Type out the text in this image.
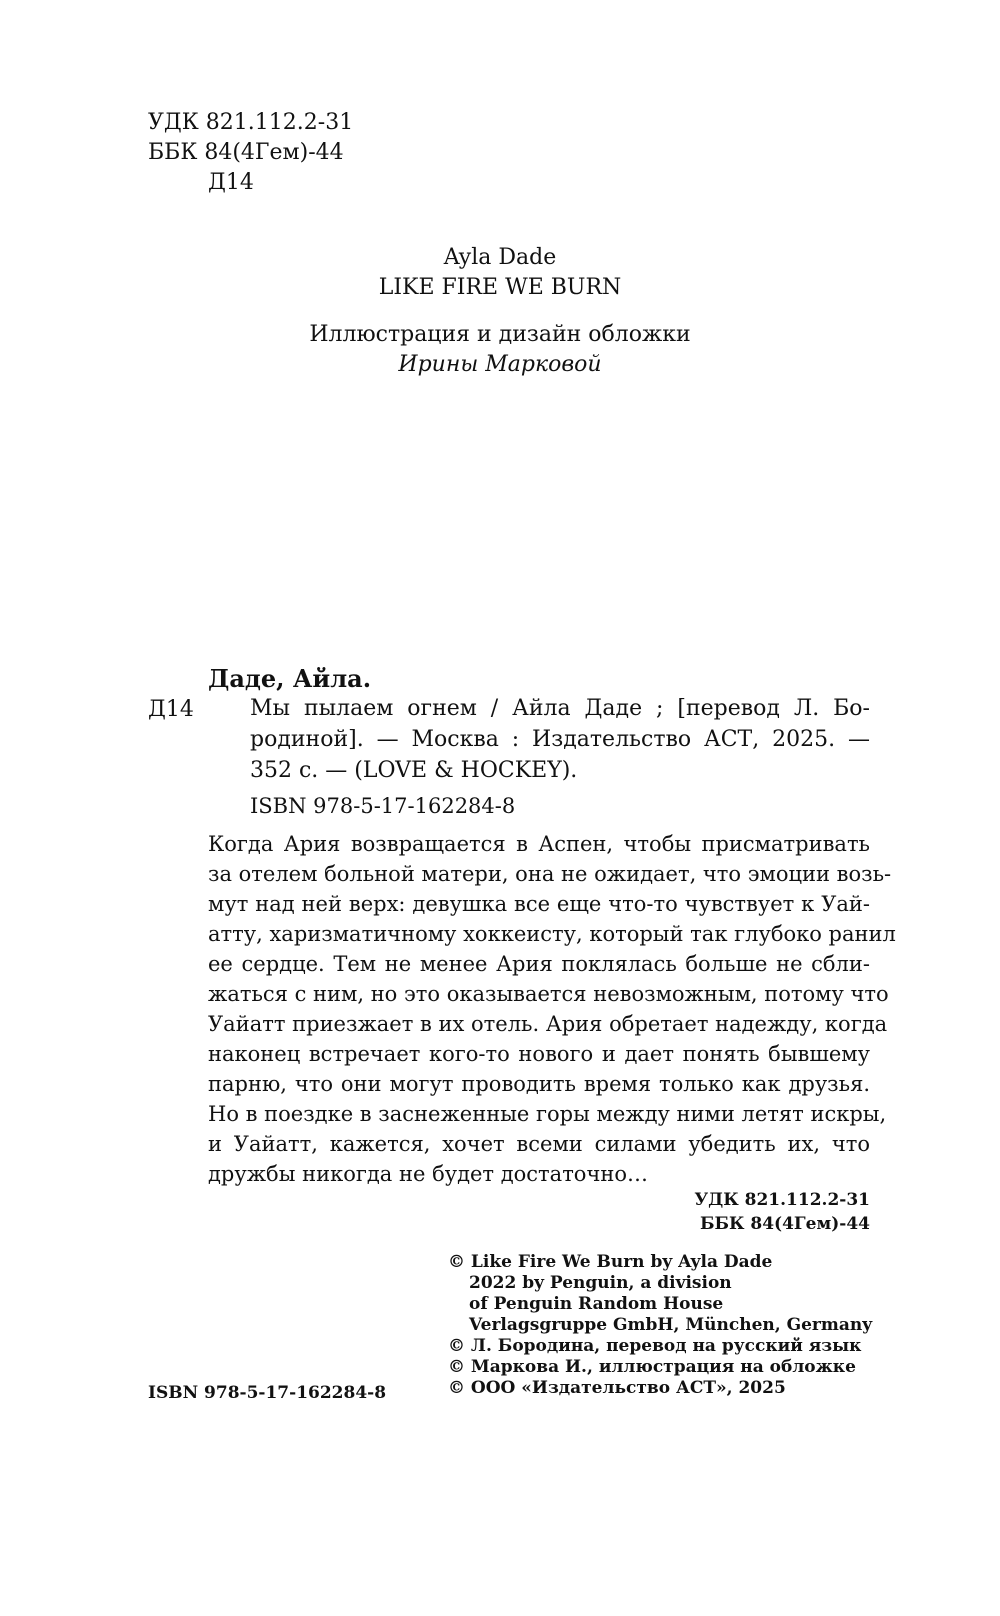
УДК 821.112.2-31
ББК 84(4Гем)-44
Д14
Ayla Dade
LIKE FIRE WE BURN
Иллюстрация и дизайн обложки
Ирины Марковой
Даде, Айла.
Д14	Мы пылаем огнем / Айла Даде ; [перевод Л. Бо-
родиной]. — Москва : Издательство АСТ, 2025. —
352 с. — (LOVE & HOCKEY).
ISBN 978-5-17-162284-8
Когда Ария возвращается в Аспен, чтобы присматривать
за отелем больной матери, она не ожидает, что эмоции возь-
мут над ней верх: девушка все еще что-то чувствует к Уай-
атту, харизматичному хоккеисту, который так глубоко ранил
ее сердце. Тем не менее Ария поклялась больше не сбли-
жаться с ним, но это оказывается невозможным, потому что
Уайатт приезжает в их отель. Ария обретает надежду, когда
наконец встречает кого-то нового и дает понять бывшему
парню, что они могут проводить время только как друзья.
Но в поездке в заснеженные горы между ними летят искры,
и Уайатт, кажется, хочет всеми силами убедить их, что
дружбы никогда не будет достаточно…
УДК 821.112.2-31
ББК 84(4Гем)-44
© Like Fire We Burn by Ayla Dade
2022 by Penguin, a division
of Penguin Random House
Verlagsgruppe GmbH, München, Germany
© Л. Бородина, перевод на русский язык
© Маркова И., иллюстрация на обложке
© ООО «Издательство АСТ», 2025
ISBN 978-5-17-162284-8
